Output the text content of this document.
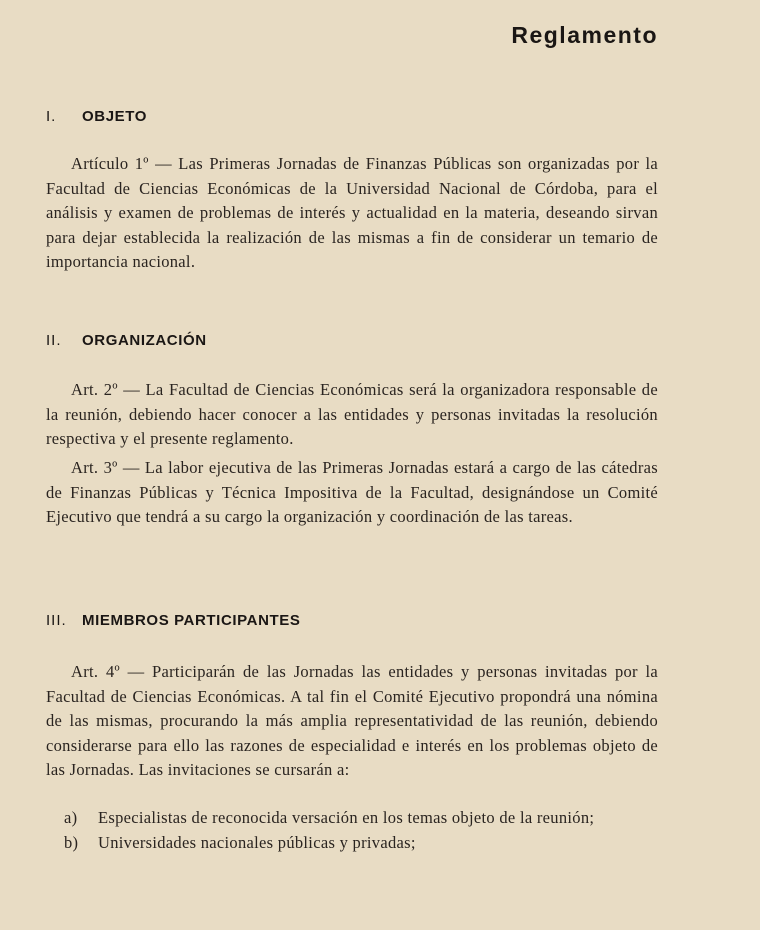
Reglamento
I. OBJETO

Artículo 1º — Las Primeras Jornadas de Finanzas Públicas son organizadas por la Facultad de Ciencias Económicas de la Universidad Nacional de Córdoba, para el análisis y examen de problemas de interés y actualidad en la materia, deseando sirvan para dejar establecida la realización de las mismas a fin de considerar un temario de importancia nacional.

II. ORGANIZACIÓN

Art. 2º — La Facultad de Ciencias Económicas será la organizadora responsable de la reunión, debiendo hacer conocer a las entidades y personas invitadas la resolución respectiva y el presente reglamento.

Art. 3º — La labor ejecutiva de las Primeras Jornadas estará a cargo de las cátedras de Finanzas Públicas y Técnica Impositiva de la Facultad, designándose un Comité Ejecutivo que tendrá a su cargo la organización y coordinación de las tareas.

III. MIEMBROS PARTICIPANTES

Art. 4º — Participarán de las Jornadas las entidades y personas invitadas por la Facultad de Ciencias Económicas. A tal fin el Comité Ejecutivo propondrá una nómina de las mismas, procurando la más amplia representatividad de las reunión, debiendo considerarse para ello las razones de especialidad e interés en los problemas objeto de las Jornadas. Las invitaciones se cursarán a:

a)	Especialistas de reconocida versación en los temas objeto de la reunión;
b)	Universidades nacionales públicas y privadas;
